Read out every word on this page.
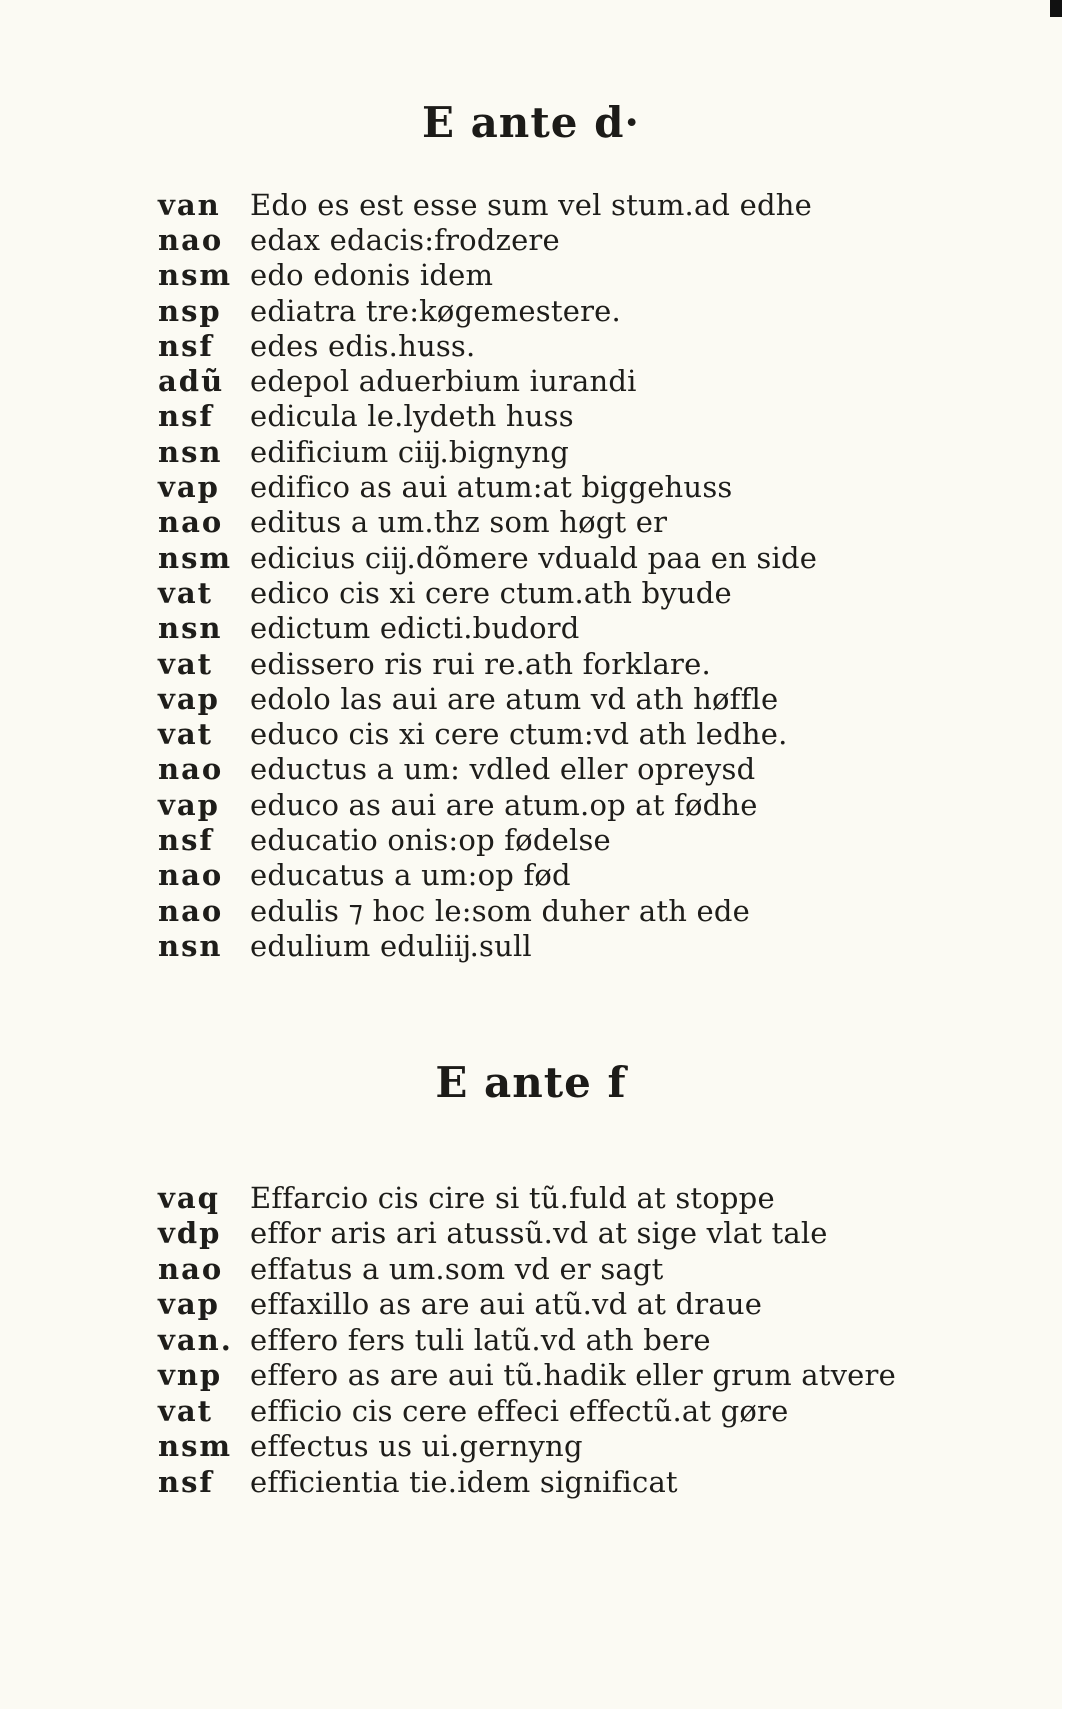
E ante d·
van	Edo es est esse sum vel stum.ad edhe
nao edax edacis:frodzere
nsm edo edonis idem
nsp ediatra tre:køgemestere.
nsf	edes edis.huss.
adũ edepol aduerbium iurandi
nsf	edicula le.lydeth huss
nsn edificium ciĳ.bignyng
vap	edifico as aui atum:at biggehuss
nao editus a um.thz som høgt er
nsm edicius ciĳ.dõmere vduald paa en side
vat	edico cis xi cere ctum.ath byude
nsn edictum edicti.budord
vat	edissero ris rui re.ath forklare.
vap	edolo las aui are atum vd ath høffle
vat	educo cis xi cere ctum:vd ath ledhe.
nao eductus a um: vdled eller opreysd
vap	educo as aui are atum.op at fødhe
nsf	educatio onis:op fødelse
nao educatus a um:op fød
nao edulis ⁊ hoc le:som duher ath ede
nsn edulium eduliĳ.sull
E ante f
vaq	Effarcio cis cire si tũ.fuld at stoppe
vdp effor aris ari atussũ.vd at sige vlat tale
nao effatus a um.som vd er sagt
vap	effaxillo as are aui atũ.vd at draue
van. effero fers tuli latũ.vd ath bere
vnp effero as are aui tũ.hadik eller grum atvere
vat	efficio cis cere effeci effectũ.at gøre
nsm effectus us ui.gernyng
nsf	efficientia tie.idem significat
